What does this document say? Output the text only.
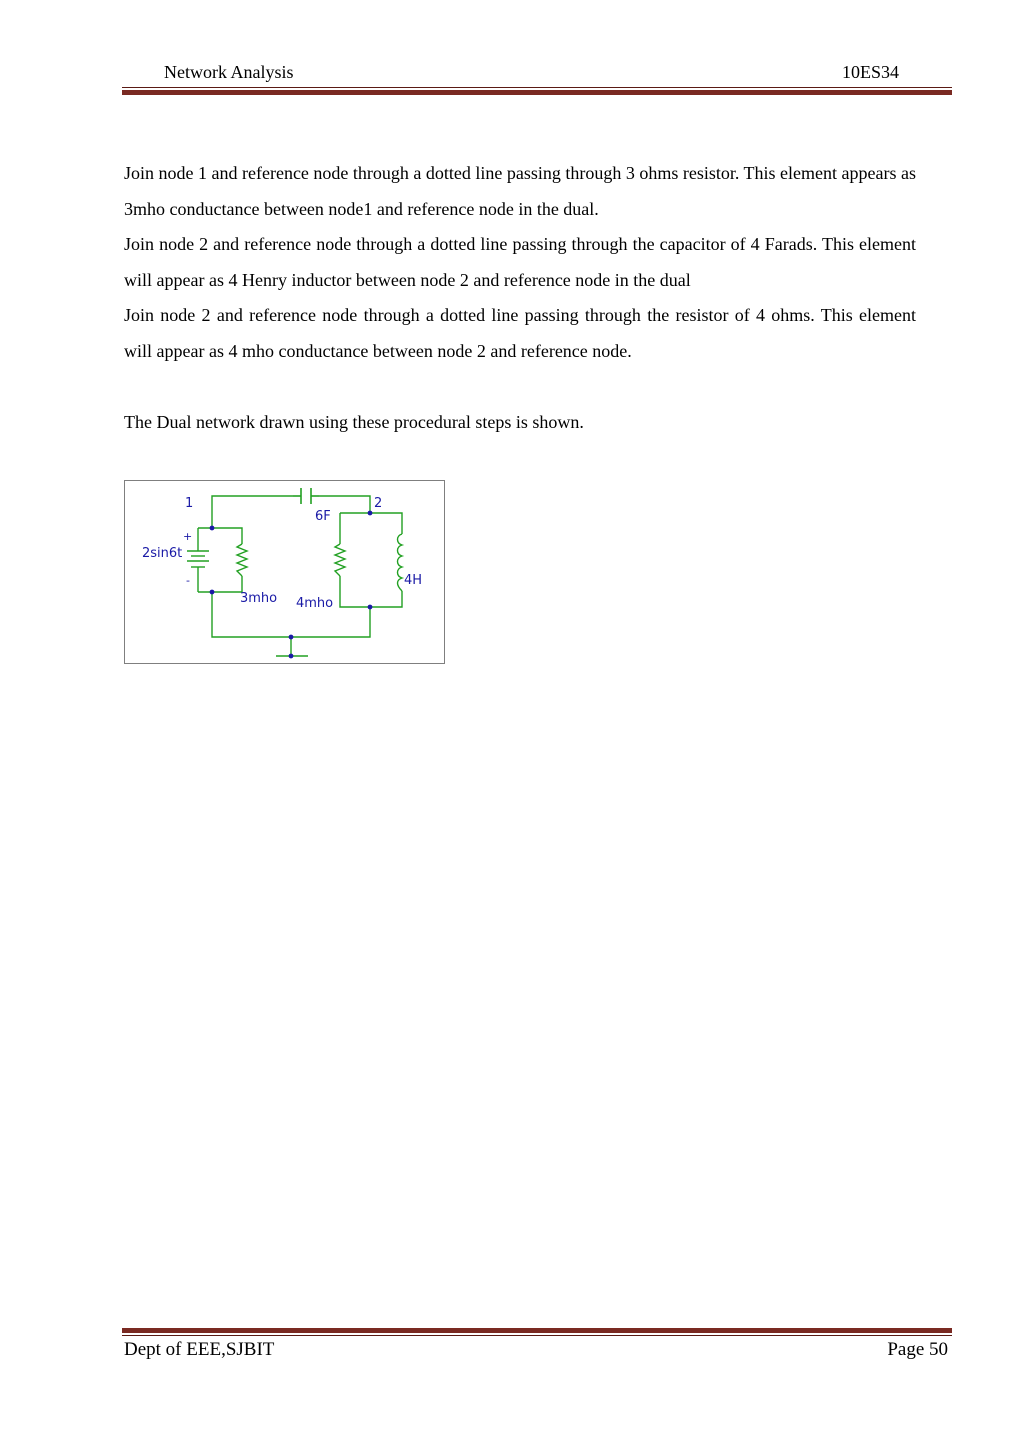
Network Analysis	10ES34

Join node 1 and reference node through a dotted line passing through 3 ohms resistor. This element appears as 3mho conductance between node1 and reference node in the dual.

Join node 2 and reference node through a dotted line passing through the capacitor of 4 Farads. This element will appear as 4 Henry inductor between node 2 and reference node in the dual

Join node 2 and reference node through a dotted line passing through the resistor of 4 ohms. This element will appear as 4 mho conductance between node 2 and reference node.

The Dual network drawn using these procedural steps is shown.

1	2
6F
+
2sin6t
-
3mho 4mho
4H
Dept of EEE,SJBIT	Page 50
